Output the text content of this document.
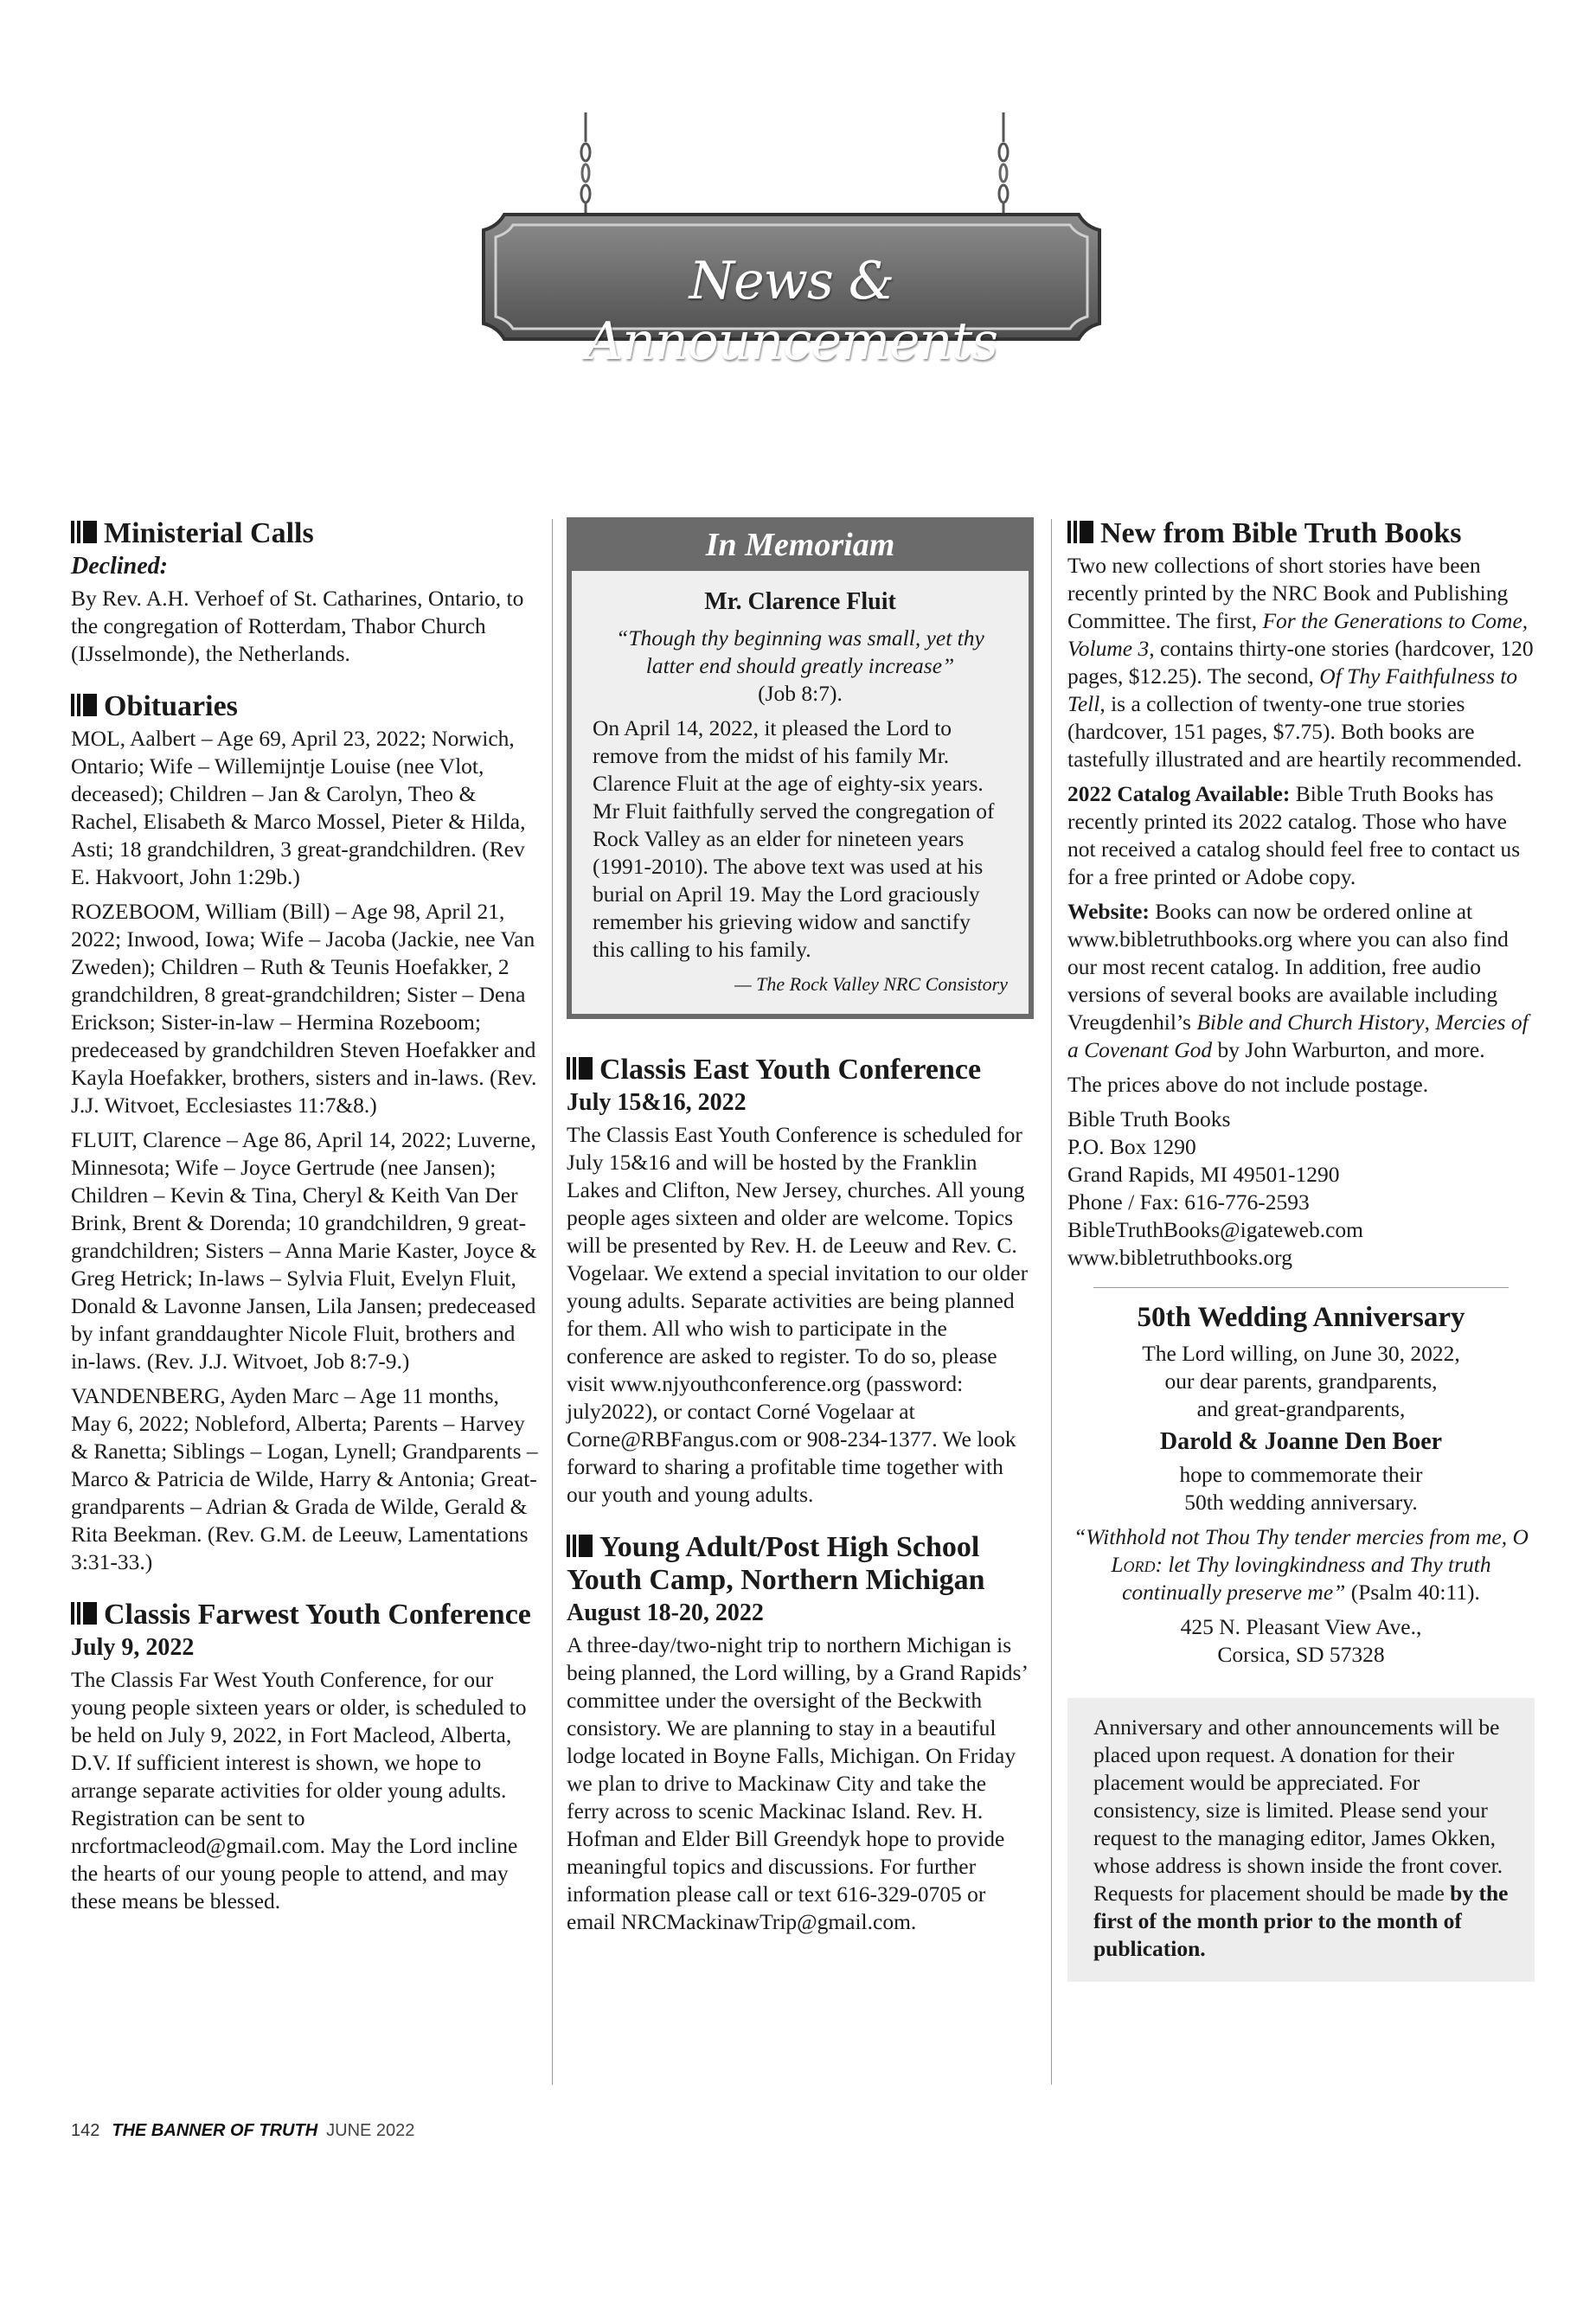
News & Announcements
Ministerial Calls
Declined:

By Rev. A.H. Verhoef of St. Catharines, Ontario, to the congregation of Rotterdam, Thabor Church (IJsselmonde), the Netherlands.

Obituaries

MOL, Aalbert – Age 69, April 23, 2022; Norwich, Ontario; Wife – Willemijntje Louise (nee Vlot, deceased); Children – Jan & Carolyn, Theo & Rachel, Elisabeth & Marco Mossel, Pieter & Hilda, Asti; 18 grandchildren, 3 great-grandchildren. (Rev E. Hakvoort, John 1:29b.)

ROZEBOOM, William (Bill) – Age 98, April 21, 2022; Inwood, Iowa; Wife – Jacoba (Jackie, nee Van Zweden); Children – Ruth & Teunis Hoefakker, 2 grandchildren, 8 great-grandchildren; Sister – Dena Erickson; Sister-in-law – Hermina Rozeboom; predeceased by grandchildren Steven Hoefakker and Kayla Hoefakker, brothers, sisters and in-laws. (Rev. J.J. Witvoet, Ecclesiastes 11:7&8.)

FLUIT, Clarence – Age 86, April 14, 2022; Luverne, Minnesota; Wife – Joyce Gertrude (nee Jansen); Children – Kevin & Tina, Cheryl & Keith Van Der Brink, Brent & Dorenda; 10 grandchildren, 9 great-grandchildren; Sisters – Anna Marie Kaster, Joyce & Greg Hetrick; In-laws – Sylvia Fluit, Evelyn Fluit, Donald & Lavonne Jansen, Lila Jansen; predeceased by infant granddaughter Nicole Fluit, brothers and in-laws. (Rev. J.J. Witvoet, Job 8:7-9.)

VANDENBERG, Ayden Marc – Age 11 months, May 6, 2022; Nobleford, Alberta; Parents – Harvey & Ranetta; Siblings – Logan, Lynell; Grandparents – Marco & Patricia de Wilde, Harry & Antonia; Great-grandparents – Adrian & Grada de Wilde, Gerald & Rita Beekman. (Rev. G.M. de Leeuw, Lamentations 3:31-33.)

Classis Farwest Youth Conference
July 9, 2022

The Classis Far West Youth Conference, for our young people sixteen years or older, is scheduled to be held on July 9, 2022, in Fort Macleod, Alberta, D.V. If sufficient interest is shown, we hope to arrange separate activities for older young adults. Registration can be sent to nrcfortmacleod@gmail.com. May the Lord incline the hearts of our young people to attend, and may these means be blessed.

In Memoriam
Mr. Clarence Fluit
“Though thy beginning was small, yet thy latter end should greatly increase”
(Job 8:7).

On April 14, 2022, it pleased the Lord to remove from the midst of his family Mr. Clarence Fluit at the age of eighty-six years. Mr Fluit faithfully served the congregation of Rock Valley as an elder for nineteen years (1991-2010). The above text was used at his burial on April 19. May the Lord graciously remember his grieving widow and sanctify this calling to his family.

— The Rock Valley NRC Consistory
Classis East Youth Conference
July 15&16, 2022

The Classis East Youth Conference is scheduled for July 15&16 and will be hosted by the Franklin Lakes and Clifton, New Jersey, churches. All young people ages sixteen and older are welcome. Topics will be presented by Rev. H. de Leeuw and Rev. C. Vogelaar. We extend a special invitation to our older young adults. Separate activities are being planned for them. All who wish to participate in the conference are asked to register. To do so, please visit www.njyouthconference.org (password: july2022), or contact Corné Vogelaar at Corne@RBFangus.com or 908-234-1377. We look forward to sharing a profitable time together with our youth and young adults.

Young Adult/Post High School Youth Camp, Northern Michigan
August 18-20, 2022

A three-day/two-night trip to northern Michigan is being planned, the Lord willing, by a Grand Rapids’ committee under the oversight of the Beckwith consistory. We are planning to stay in a beautiful lodge located in Boyne Falls, Michigan. On Friday we plan to drive to Mackinaw City and take the ferry across to scenic Mackinac Island. Rev. H. Hofman and Elder Bill Greendyk hope to provide meaningful topics and discussions. For further information please call or text 616-329-0705 or email NRCMackinawTrip@gmail.com.

New from Bible Truth Books

Two new collections of short stories have been recently printed by the NRC Book and Publishing Committee. The first, For the Generations to Come, Volume 3, contains thirty-one stories (hardcover, 120 pages, $12.25). The second, Of Thy Faithfulness to Tell, is a collection of twenty-one true stories (hardcover, 151 pages, $7.75). Both books are tastefully illustrated and are heartily recommended.

2022 Catalog Available: Bible Truth Books has recently printed its 2022 catalog. Those who have not received a catalog should feel free to contact us for a free printed or Adobe copy.

Website: Books can now be ordered online at www.bibletruthbooks.org where you can also find our most recent catalog. In addition, free audio versions of several books are available including Vreugdenhil’s Bible and Church History, Mercies of a Covenant God by John Warburton, and more.

The prices above do not include postage.

Bible Truth Books
P.O. Box 1290
Grand Rapids, MI 49501-1290
Phone / Fax: 616-776-2593
BibleTruthBooks@igateweb.com
www.bibletruthbooks.org
50th Wedding Anniversary
The Lord willing, on June 30, 2022,
our dear parents, grandparents,
and great-grandparents,
Darold & Joanne Den Boer
hope to commemorate their
50th wedding anniversary.
“Withhold not Thou Thy tender mercies from me, O Lord: let Thy lovingkindness and Thy truth continually preserve me” (Psalm 40:11).
425 N. Pleasant View Ave.,
Corsica, SD 57328
Anniversary and other announcements will be placed upon request. A donation for their placement would be appreciated. For consistency, size is limited. Please send your request to the managing editor, James Okken, whose address is shown inside the front cover. Requests for placement should be made by the first of the month prior to the month of publication.
142 THE BANNER OF TRUTH JUNE 2022
